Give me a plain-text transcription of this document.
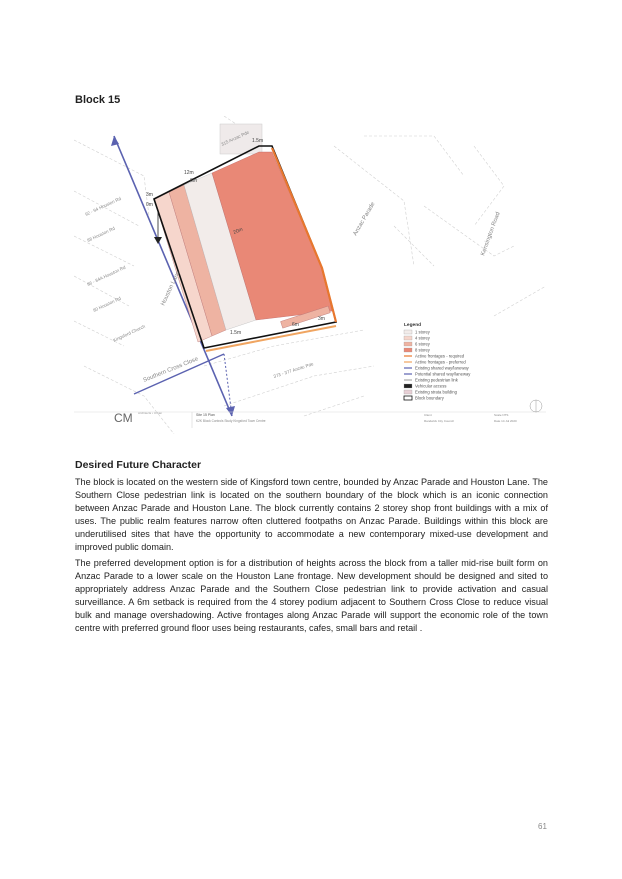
Block 15
12m
6m
3m
0m
1.5m
6m
3m
20m
1.5m
92 - 94 Houston Rd
88 Houston Rd
86 - 84A Houston Rd
80 Houston Rd
Kingsford Church
373 - 377 Anzac Pde
315 Anzac Pde
Houston Lane
Anzac Parade
Southern Cross Close
Kensington Road
Legend
1 storey
4 storey
6 storey
8 storey
Active frontages - required
Active frontages - preferred
Existing shared way/laneway
Potential shared way/laneway
Existing pedestrian link
Vehicular access
Existing strata building
Block boundary
CM Architects • Urban	Site 15 Plan
K2K Block Controls Study Kingsford Town Centre
Client
Randwick City Council
Scale NTS
Date 14 Jul 2020
Desired Future Character

The block is located on the western side of Kingsford town centre, bounded by Anzac Parade and Houston Lane. The Southern Close pedestrian link is located on the southern boundary of the block which is an iconic connection between Anzac Parade and Houston Lane. The block currently contains 2 storey shop front buildings with a mix of uses. The public realm features narrow often cluttered footpaths on Anzac Parade. Buildings within this block are underutilised sites that have the opportunity to accommodate a new contemporary mixed-use development and improved public domain.

The preferred development option is for a distribution of heights across the block from a taller mid-rise built form on Anzac Parade to a lower scale on the Houston Lane frontage. New development should be designed and sited to appropriately address Anzac Parade and the Southern Close pedestrian link to provide activation and casual surveillance. A 6m setback is required from the 4 storey podium adjacent to Southern Cross Close to reduce visual bulk and manage overshadowing. Active frontages along Anzac Parade will support the economic role of the town centre with preferred ground floor uses being restaurants, cafes, small bars and retail .

61
